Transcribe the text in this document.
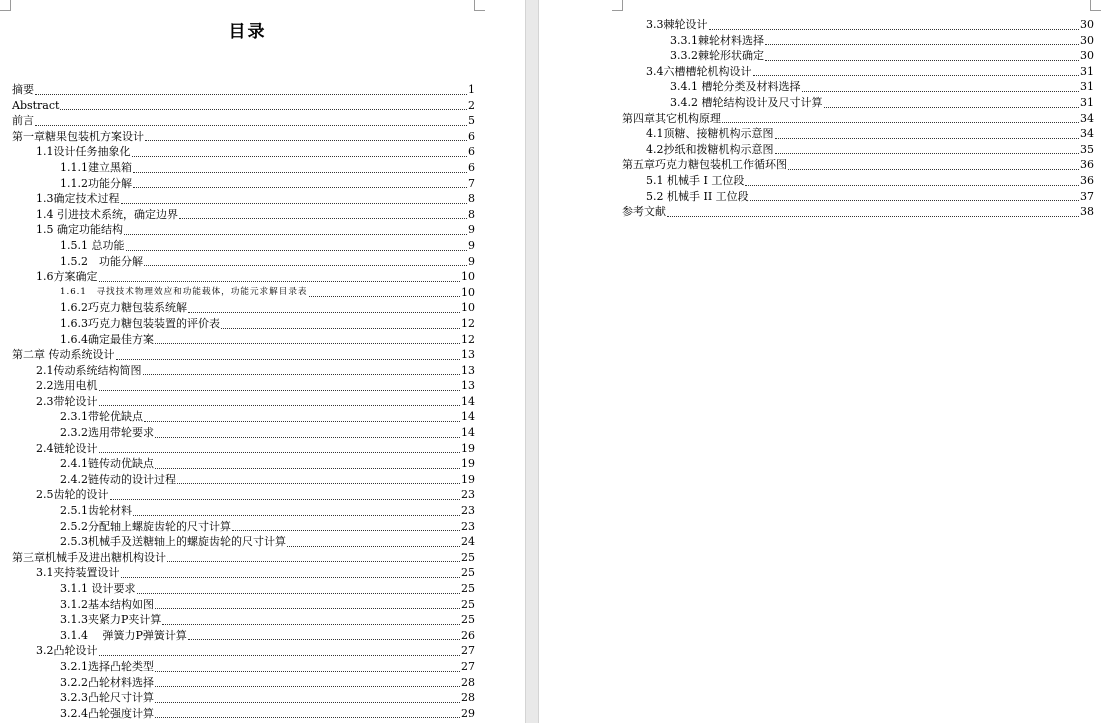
目录
摘要	1
Abstract	2
前言	5
第一章糖果包装机方案设计	6
1.1设计任务抽象化	6
1.1.1建立黑箱	6
1.1.2功能分解	7
1.3确定技术过程	8
1.4 引进技术系统，确定边界	8
1.5 确定功能结构	9
1.5.1 总功能	9
1.5.2　功能分解	9
1.6方案确定	10
1.6.1　寻找技术物理效应和功能载体，功能元求解目录表	10
1.6.2巧克力糖包装系统解	10
1.6.3巧克力糖包装装置的评价表	12
1.6.4确定最佳方案	12
第二章 传动系统设计	13
2.1传动系统结构简图	13
2.2选用电机	13
2.3带轮设计	14
2.3.1带轮优缺点	14
2.3.2选用带轮要求	14
2.4链轮设计	19
2.4.1链传动优缺点	19
2.4.2链传动的设计过程	19
2.5齿轮的设计	23
2.5.1齿轮材料	23
2.5.2分配轴上螺旋齿轮的尺寸计算	23
2.5.3机械手及送糖轴上的螺旋齿轮的尺寸计算	24
第三章机械手及进出糖机构设计	25
3.1夹持装置设计	25
3.1.1 设计要求	25
3.1.2基本结构如图	25
3.1.3夹紧力P夹计算	25
3.1.4　 弹簧力P弹簧计算	26
3.2凸轮设计	27
3.2.1选择凸轮类型	27
3.2.2凸轮材料选择	28
3.2.3凸轮尺寸计算	28
3.2.4凸轮强度计算	29
3.3棘轮设计	30
3.3.1棘轮材料选择	30
3.3.2棘轮形状确定	30
3.4六槽槽轮机构设计	31
3.4.1 槽轮分类及材料选择	31
3.4.2 槽轮结构设计及尺寸计算	31
第四章其它机构原理	34
4.1顶糖、接糖机构示意图	34
4.2抄纸和拨糖机构示意图	35
第五章巧克力糖包装机工作循环图	36
5.1 机械手 I 工位段	36
5.2 机械手 II 工位段	37
参考文献	38
